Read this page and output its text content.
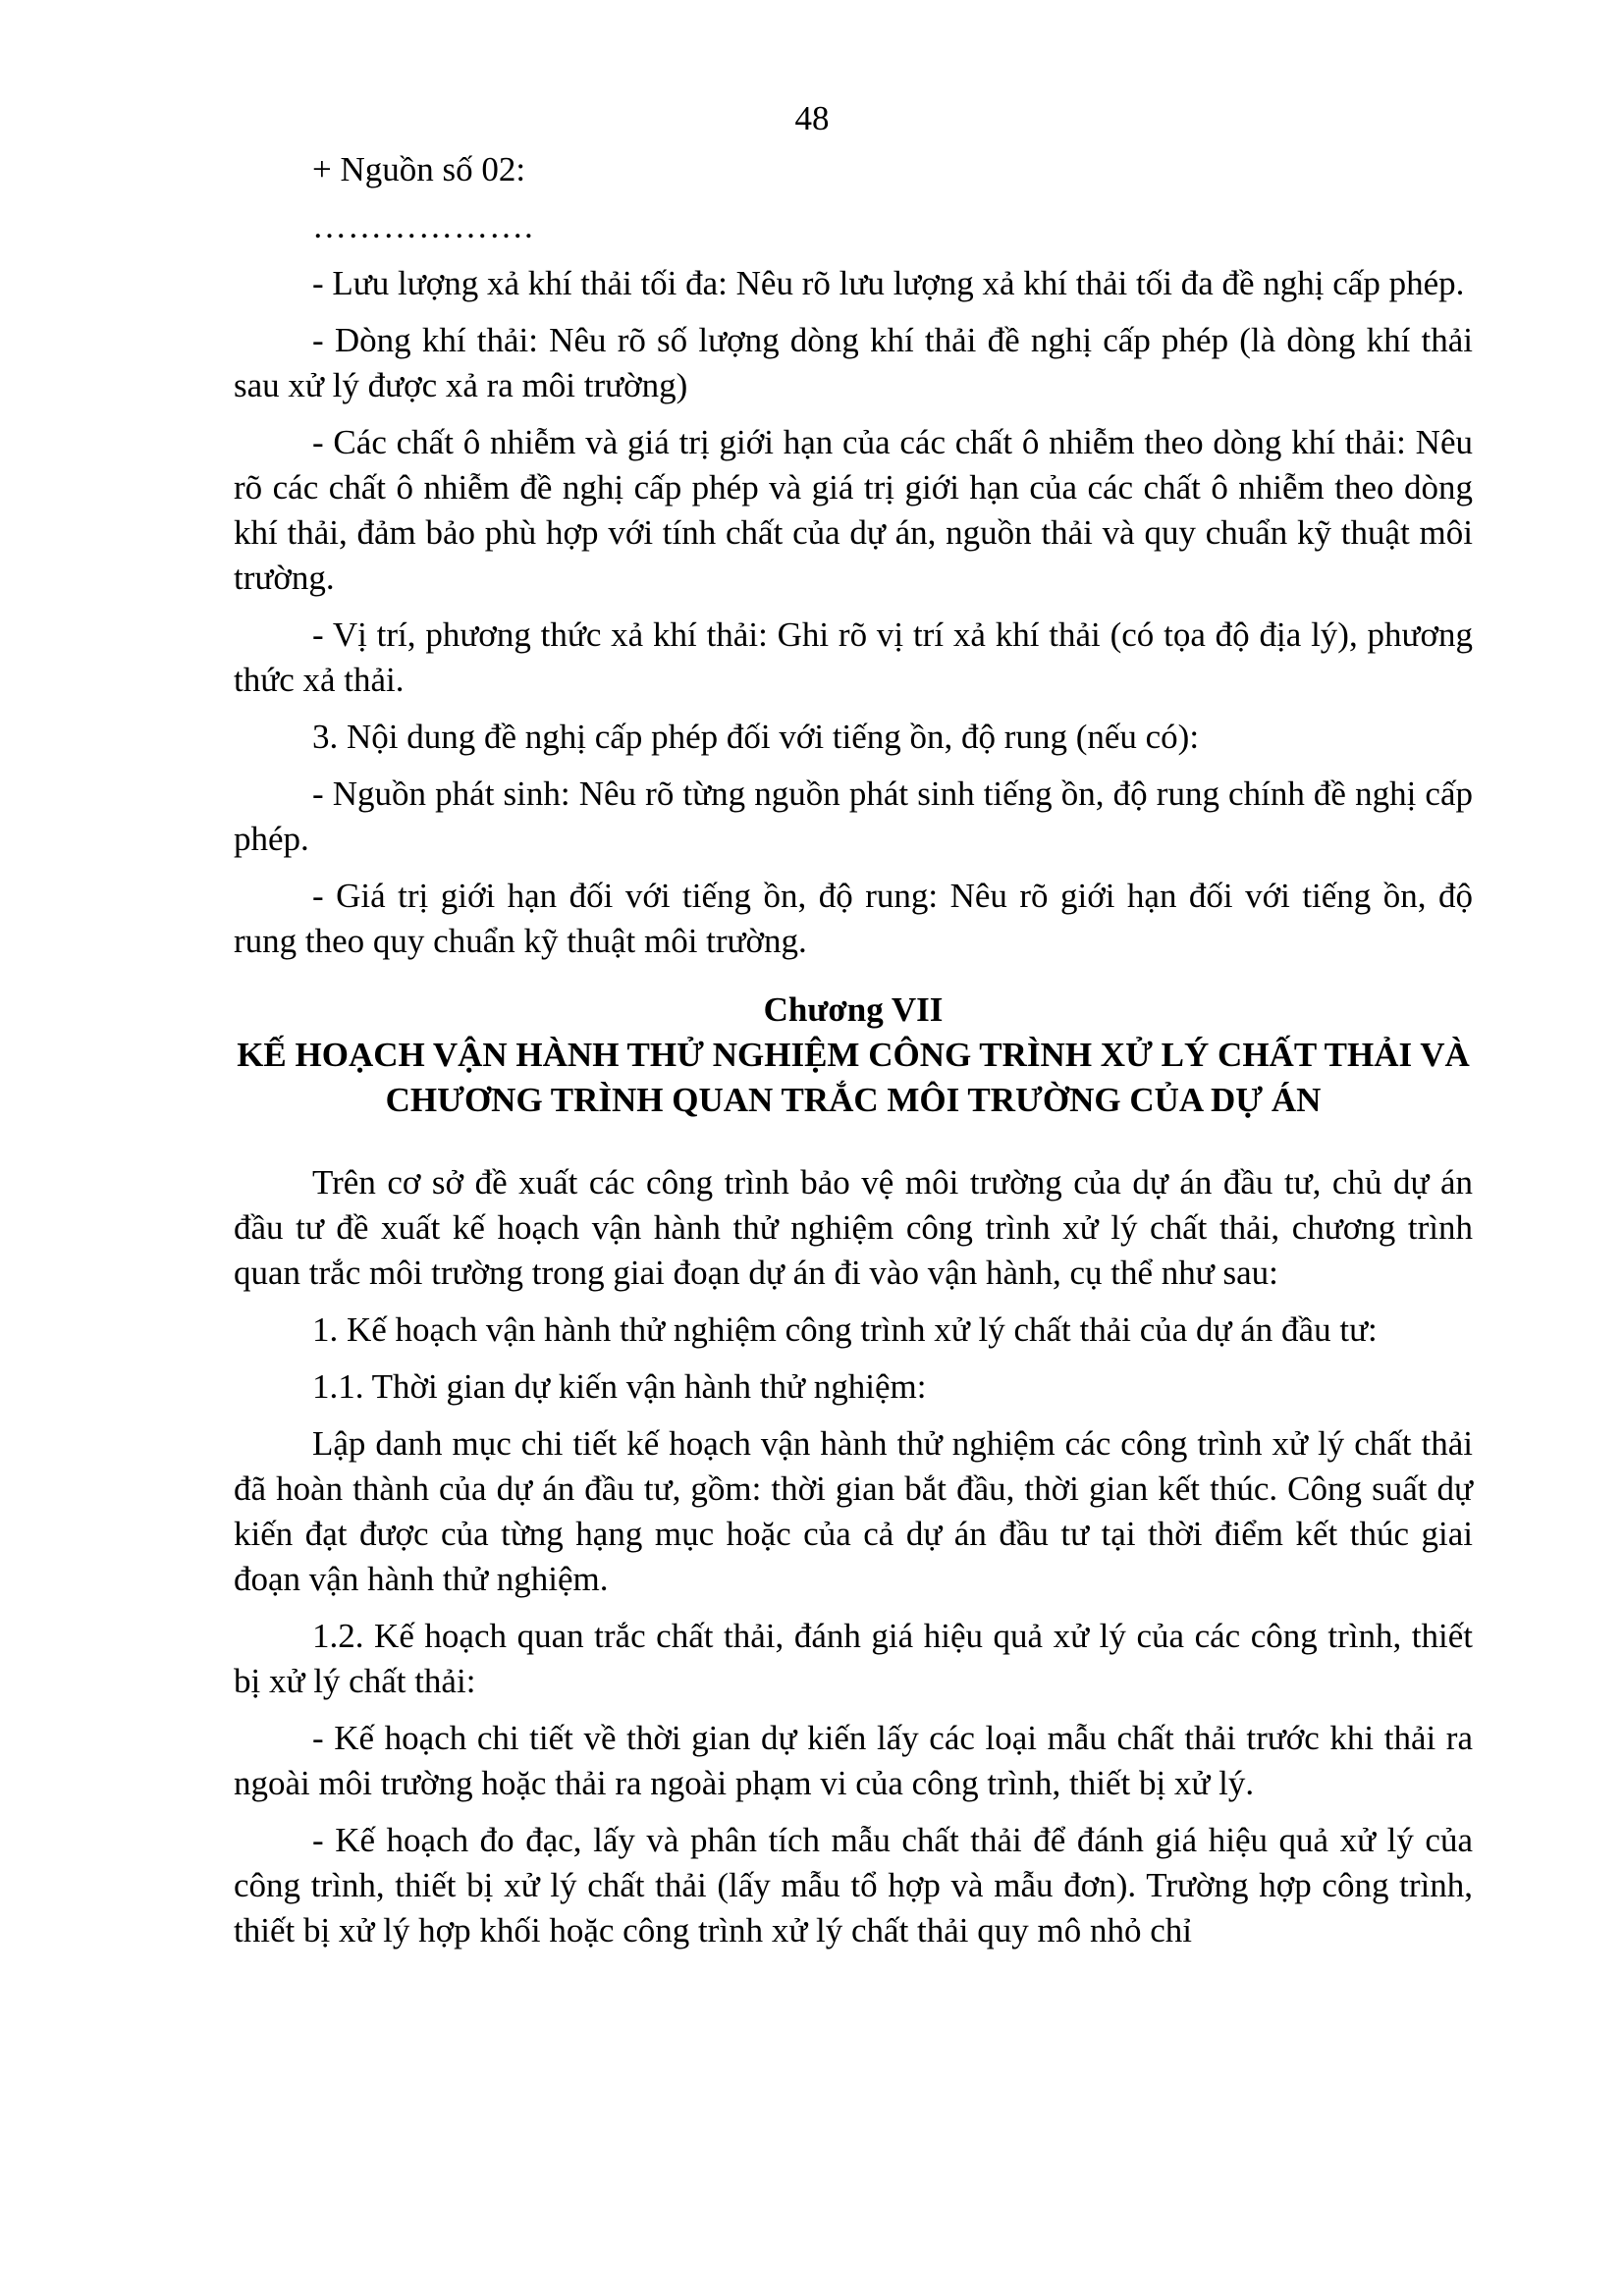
48

+ Nguồn số 02:

……………….

- Lưu lượng xả khí thải tối đa: Nêu rõ lưu lượng xả khí thải tối đa đề nghị cấp phép.

- Dòng khí thải: Nêu rõ số lượng dòng khí thải đề nghị cấp phép (là dòng khí thải sau xử lý được xả ra môi trường)

- Các chất ô nhiễm và giá trị giới hạn của các chất ô nhiễm theo dòng khí thải: Nêu rõ các chất ô nhiễm đề nghị cấp phép và giá trị giới hạn của các chất ô nhiễm theo dòng khí thải, đảm bảo phù hợp với tính chất của dự án, nguồn thải và quy chuẩn kỹ thuật môi trường.

- Vị trí, phương thức xả khí thải: Ghi rõ vị trí xả khí thải (có tọa độ địa lý), phương thức xả thải.

3. Nội dung đề nghị cấp phép đối với tiếng ồn, độ rung (nếu có):

- Nguồn phát sinh: Nêu rõ từng nguồn phát sinh tiếng ồn, độ rung chính đề nghị cấp phép.

- Giá trị giới hạn đối với tiếng ồn, độ rung: Nêu rõ giới hạn đối với tiếng ồn, độ rung theo quy chuẩn kỹ thuật môi trường.

Chương VII
KẾ HOẠCH VẬN HÀNH THỬ NGHIỆM CÔNG TRÌNH XỬ LÝ CHẤT THẢI VÀ CHƯƠNG TRÌNH QUAN TRẮC MÔI TRƯỜNG CỦA DỰ ÁN

Trên cơ sở đề xuất các công trình bảo vệ môi trường của dự án đầu tư, chủ dự án đầu tư đề xuất kế hoạch vận hành thử nghiệm công trình xử lý chất thải, chương trình quan trắc môi trường trong giai đoạn dự án đi vào vận hành, cụ thể như sau:

1. Kế hoạch vận hành thử nghiệm công trình xử lý chất thải của dự án đầu tư:

1.1. Thời gian dự kiến vận hành thử nghiệm:

Lập danh mục chi tiết kế hoạch vận hành thử nghiệm các công trình xử lý chất thải đã hoàn thành của dự án đầu tư, gồm: thời gian bắt đầu, thời gian kết thúc. Công suất dự kiến đạt được của từng hạng mục hoặc của cả dự án đầu tư tại thời điểm kết thúc giai đoạn vận hành thử nghiệm.

1.2. Kế hoạch quan trắc chất thải, đánh giá hiệu quả xử lý của các công trình, thiết bị xử lý chất thải:

- Kế hoạch chi tiết về thời gian dự kiến lấy các loại mẫu chất thải trước khi thải ra ngoài môi trường hoặc thải ra ngoài phạm vi của công trình, thiết bị xử lý.

- Kế hoạch đo đạc, lấy và phân tích mẫu chất thải để đánh giá hiệu quả xử lý của công trình, thiết bị xử lý chất thải (lấy mẫu tổ hợp và mẫu đơn). Trường hợp công trình, thiết bị xử lý hợp khối hoặc công trình xử lý chất thải quy mô nhỏ chỉ
